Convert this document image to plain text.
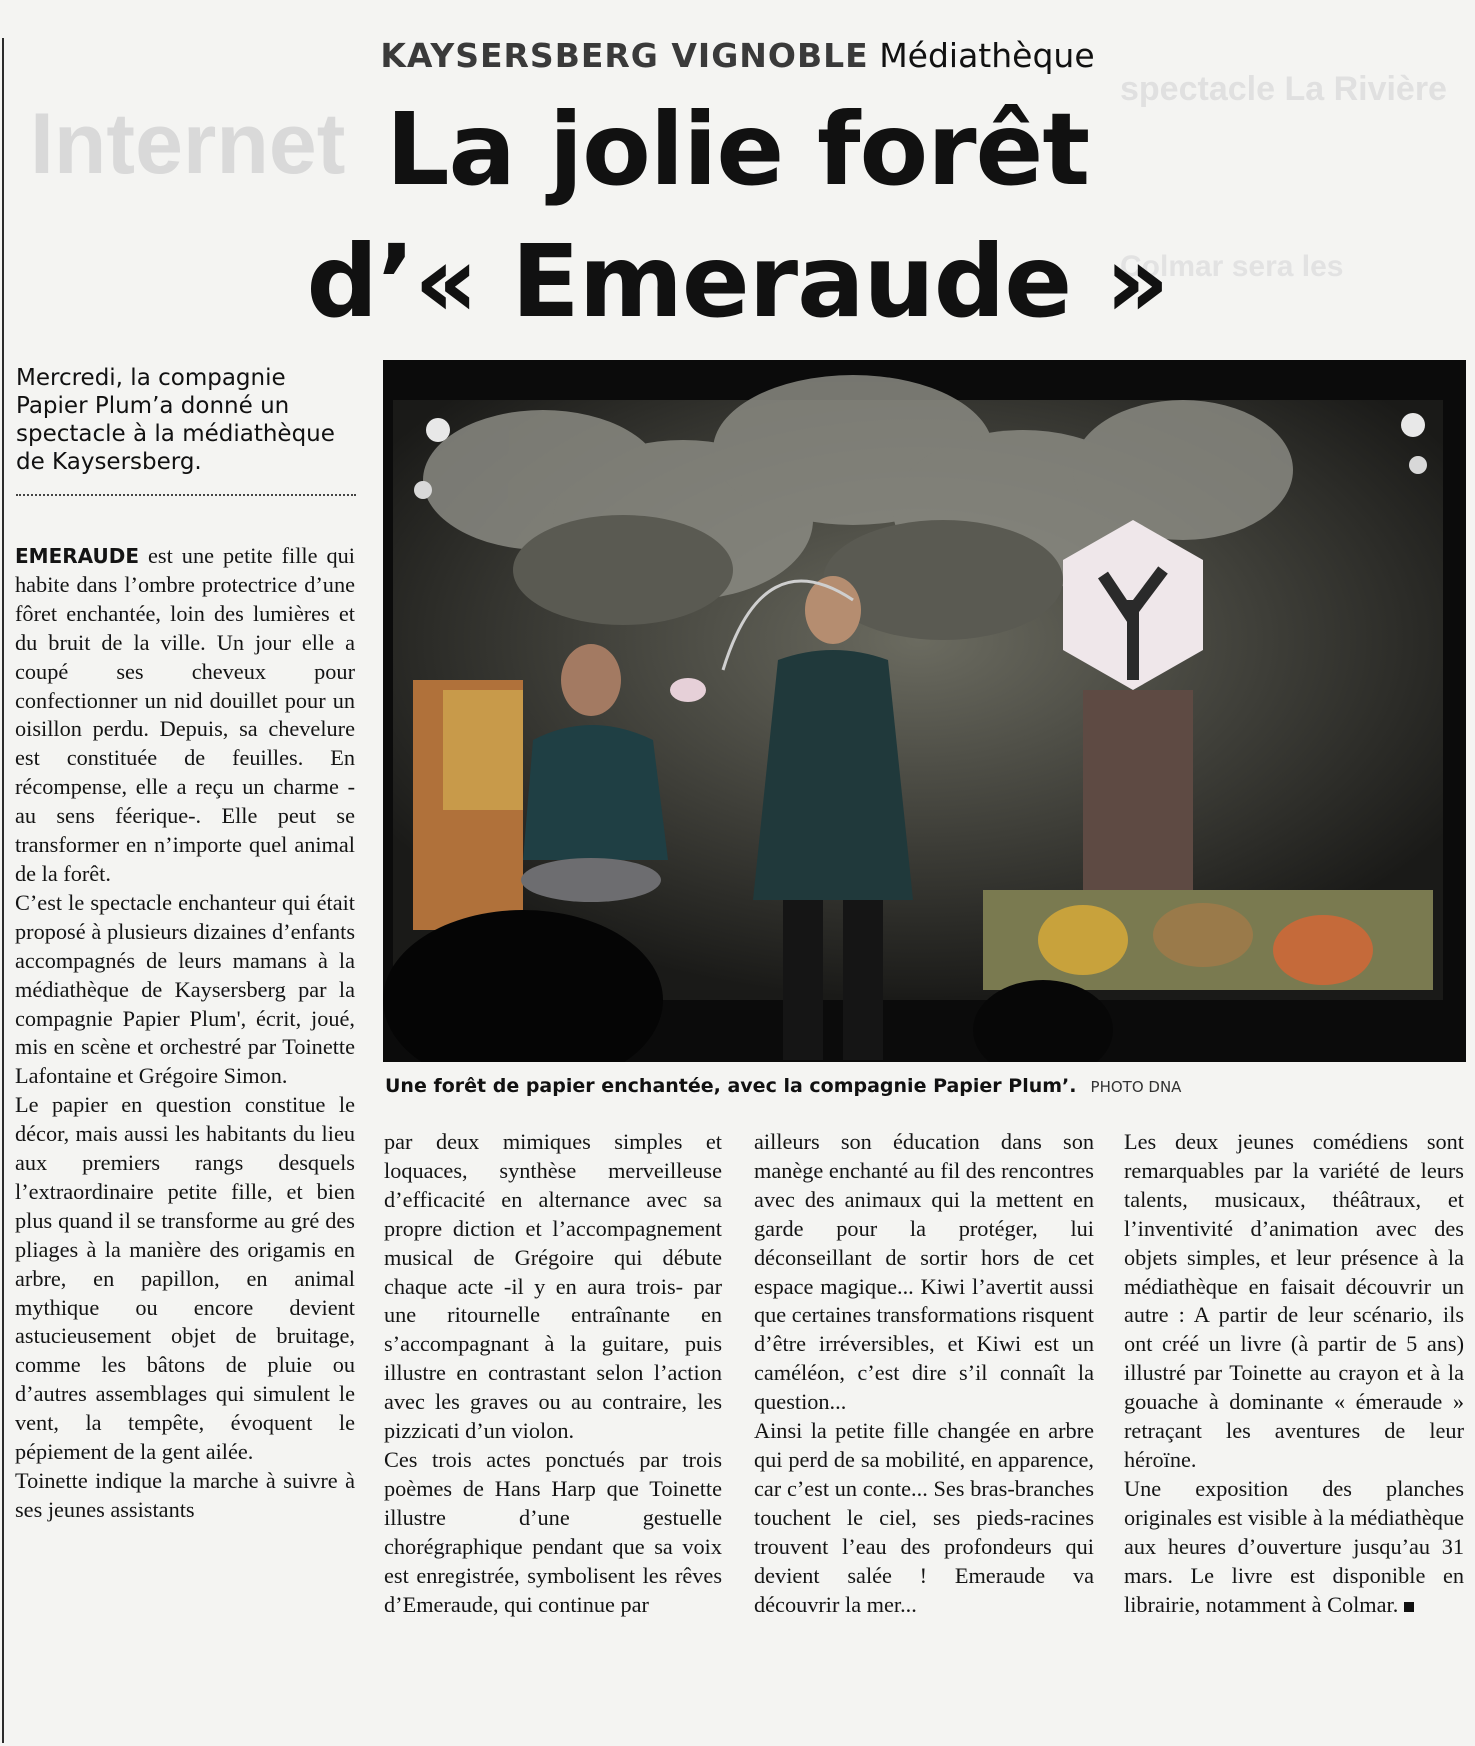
Internet
spectacle La Rivière
Colmar sera les
KAYSERSBERG VIGNOBLE Médiathèque
La jolie forêt
d’« Emeraude »
Mercredi, la compagnie Papier Plum’a donné un spectacle à la médiathèque de Kaysersberg.

EMERAUDE est une petite fille qui habite dans l’ombre protectrice d’une fôret enchantée, loin des lumières et du bruit de la ville. Un jour elle a coupé ses cheveux pour confectionner un nid douillet pour un oisillon perdu. Depuis, sa chevelure est constituée de feuilles. En récompense, elle a reçu un charme -au sens féerique-. Elle peut se transformer en n’importe quel animal de la forêt.

C’est le spectacle enchanteur qui était proposé à plusieurs dizaines d’enfants accompagnés de leurs mamans à la médiathèque de Kaysersberg par la compagnie Papier Plum', écrit, joué, mis en scène et orchestré par Toinette Lafontaine et Grégoire Simon.

Le papier en question constitue le décor, mais aussi les habitants du lieu aux premiers rangs desquels l’extraordinaire petite fille, et bien plus quand il se transforme au gré des pliages à la manière des origamis en arbre, en papillon, en animal mythique ou encore devient astucieusement objet de bruitage, comme les bâtons de pluie ou d’autres assemblages qui simulent le vent, la tempête, évoquent le pépiement de la gent ailée.

Toinette indique la marche à suivre à ses jeunes assistants

Une forêt de papier enchantée, avec la compagnie Papier Plum’. PHOTO DNA

par deux mimiques simples et loquaces, synthèse merveilleuse d’efficacité en alternance avec sa propre diction et l’accompagnement musical de Grégoire qui débute chaque acte -il y en aura trois- par une ritournelle entraînante en s’accompagnant à la guitare, puis illustre en contrastant selon l’action avec les graves ou au contraire, les pizzicati d’un violon.

Ces trois actes ponctués par trois poèmes de Hans Harp que Toinette illustre d’une gestuelle chorégraphique pendant que sa voix est enregistrée, symbolisent les rêves d’Emeraude, qui continue par

ailleurs son éducation dans son manège enchanté au fil des rencontres avec des animaux qui la mettent en garde pour la protéger, lui déconseillant de sortir hors de cet espace magique... Kiwi l’avertit aussi que certaines transformations risquent d’être irréversibles, et Kiwi est un caméléon, c’est dire s’il connaît la question...

Ainsi la petite fille changée en arbre qui perd de sa mobilité, en apparence, car c’est un conte... Ses bras-branches touchent le ciel, ses pieds-racines trouvent l’eau des profondeurs qui devient salée ! Emeraude va découvrir la mer...

Les deux jeunes comédiens sont remarquables par la variété de leurs talents, musicaux, théâtraux, et l’inventivité d’animation avec des objets simples, et leur présence à la médiathèque en faisait découvrir un autre : A partir de leur scénario, ils ont créé un livre (à partir de 5 ans) illustré par Toinette au crayon et à la gouache à dominante « émeraude » retraçant les aventures de leur héroïne.

Une exposition des planches originales est visible à la médiathèque aux heures d’ouverture jusqu’au 31 mars. Le livre est disponible en librairie, notamment à Colmar.
